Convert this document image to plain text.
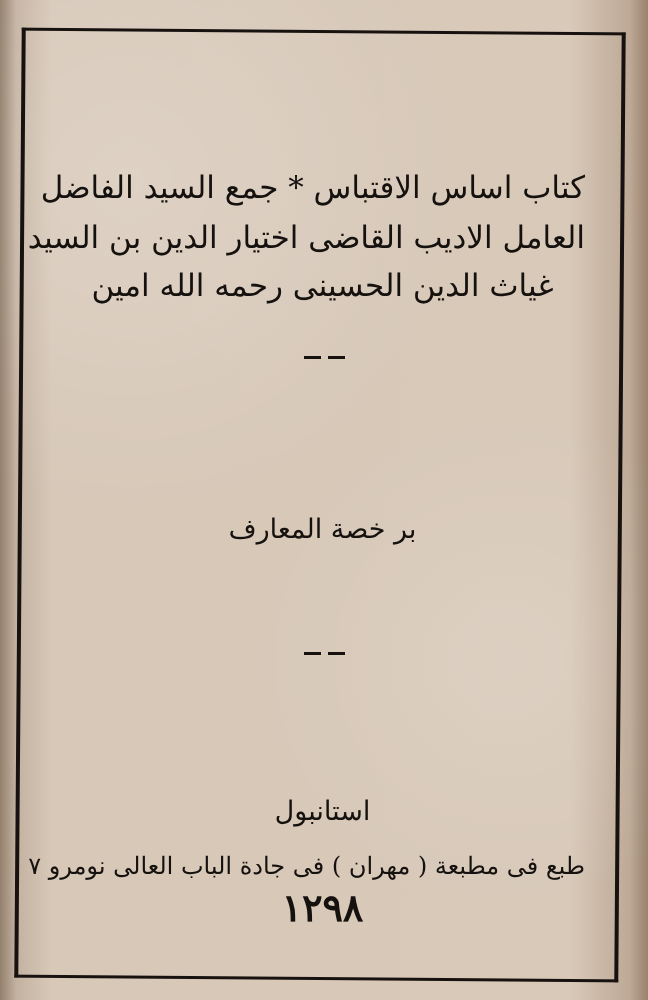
کتاب اساس الاقتباس * جمع السید الفاضل
العامل الادیب القاضی اختیار الدین بن السید
غیاث الدین الحسینی رحمه الله امین
بر خصة المعارف
استانبول
طبع فی مطبعة ( مهران ) فی جادة الباب العالی نومرو ۷
۱۲۹۸
